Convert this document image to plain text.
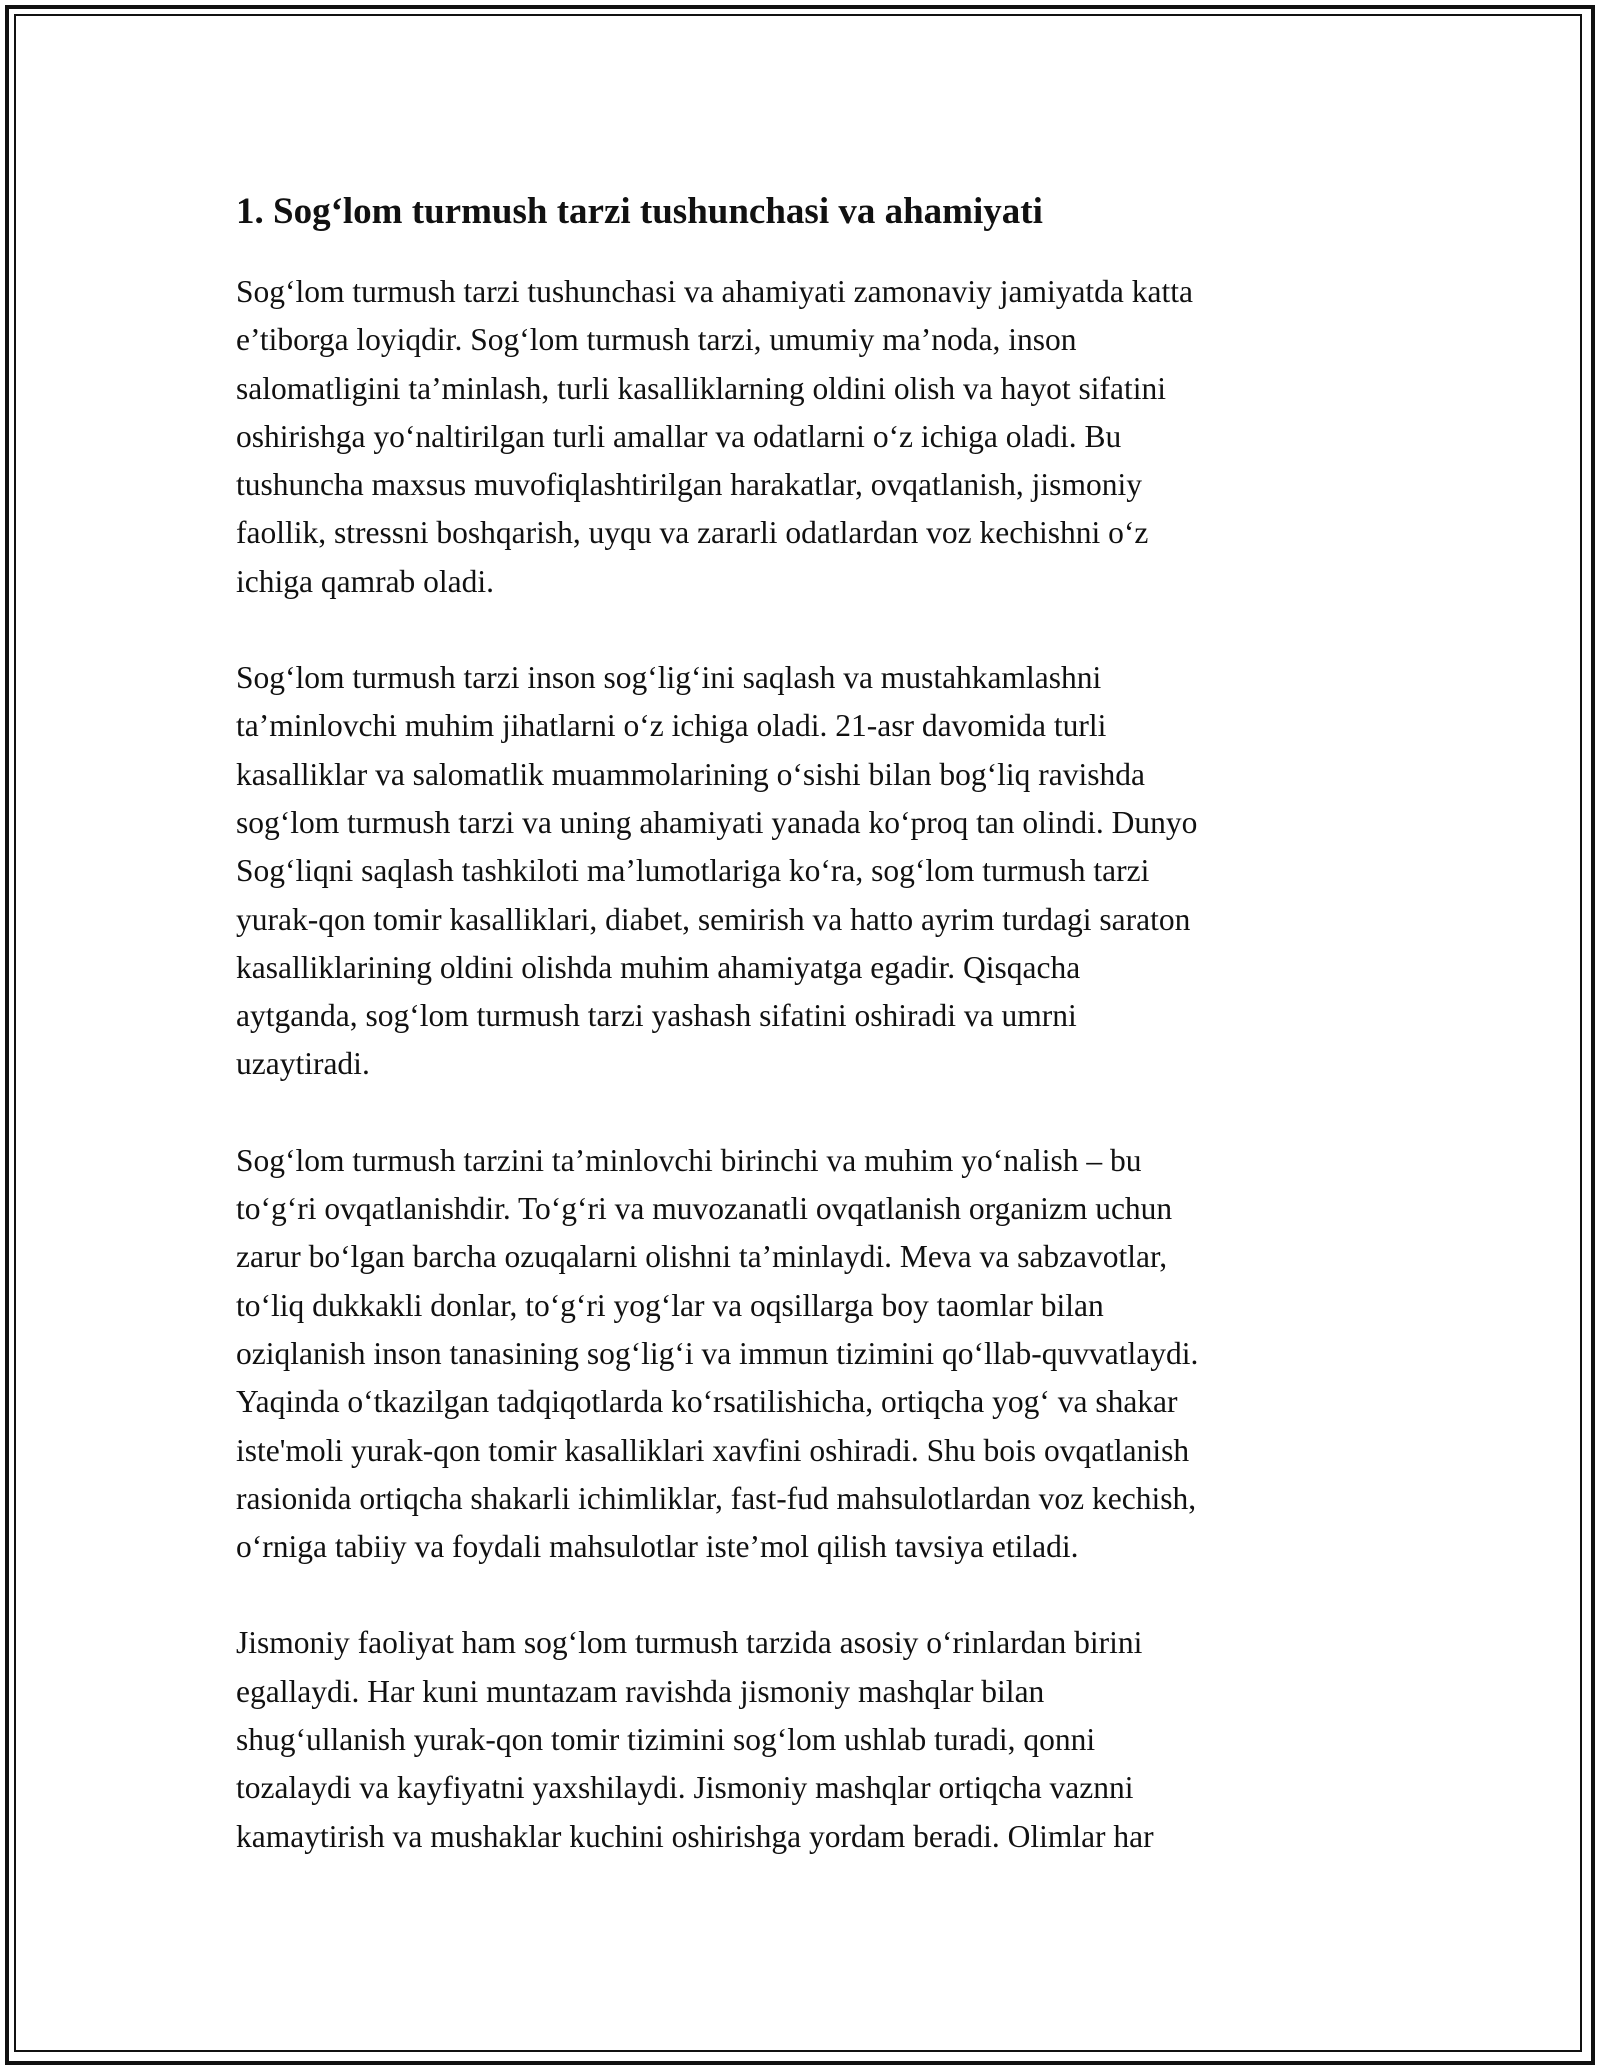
1. Sog‘lom turmush tarzi tushunchasi va ahamiyati
Sog‘lom turmush tarzi tushunchasi va ahamiyati zamonaviy jamiyatda katta
e’tiborga loyiqdir. Sog‘lom turmush tarzi, umumiy ma’noda, inson
salomatligini ta’minlash, turli kasalliklarning oldini olish va hayot sifatini
oshirishga yo‘naltirilgan turli amallar va odatlarni o‘z ichiga oladi. Bu
tushuncha maxsus muvofiqlashtirilgan harakatlar, ovqatlanish, jismoniy
faollik, stressni boshqarish, uyqu va zararli odatlardan voz kechishni o‘z
ichiga qamrab oladi.
Sog‘lom turmush tarzi inson sog‘lig‘ini saqlash va mustahkamlashni
ta’minlovchi muhim jihatlarni o‘z ichiga oladi. 21-asr davomida turli
kasalliklar va salomatlik muammolarining o‘sishi bilan bog‘liq ravishda
sog‘lom turmush tarzi va uning ahamiyati yanada ko‘proq tan olindi. Dunyo
Sog‘liqni saqlash tashkiloti ma’lumotlariga ko‘ra, sog‘lom turmush tarzi
yurak-qon tomir kasalliklari, diabet, semirish va hatto ayrim turdagi saraton
kasalliklarining oldini olishda muhim ahamiyatga egadir. Qisqacha
aytganda, sog‘lom turmush tarzi yashash sifatini oshiradi va umrni
uzaytiradi.
Sog‘lom turmush tarzini ta’minlovchi birinchi va muhim yo‘nalish – bu
to‘g‘ri ovqatlanishdir. To‘g‘ri va muvozanatli ovqatlanish organizm uchun
zarur bo‘lgan barcha ozuqalarni olishni ta’minlaydi. Meva va sabzavotlar,
to‘liq dukkakli donlar, to‘g‘ri yog‘lar va oqsillarga boy taomlar bilan
oziqlanish inson tanasining sog‘lig‘i va immun tizimini qo‘llab-quvvatlaydi.
Yaqinda o‘tkazilgan tadqiqotlarda ko‘rsatilishicha, ortiqcha yog‘ va shakar
iste'moli yurak-qon tomir kasalliklari xavfini oshiradi. Shu bois ovqatlanish
rasionida ortiqcha shakarli ichimliklar, fast-fud mahsulotlardan voz kechish,
o‘rniga tabiiy va foydali mahsulotlar iste’mol qilish tavsiya etiladi.
Jismoniy faoliyat ham sog‘lom turmush tarzida asosiy o‘rinlardan birini
egallaydi. Har kuni muntazam ravishda jismoniy mashqlar bilan
shug‘ullanish yurak-qon tomir tizimini sog‘lom ushlab turadi, qonni
tozalaydi va kayfiyatni yaxshilaydi. Jismoniy mashqlar ortiqcha vaznni
kamaytirish va mushaklar kuchini oshirishga yordam beradi. Olimlar har
